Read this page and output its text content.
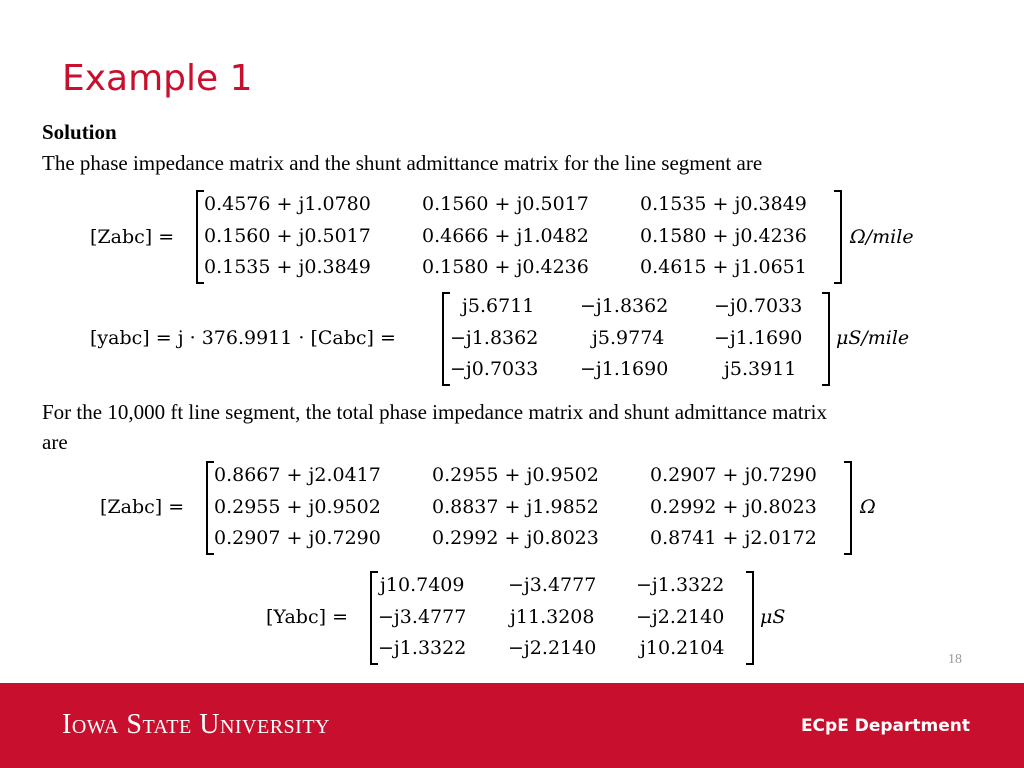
Example 1
Solution
The phase impedance matrix and the shunt admittance matrix for the line segment are
[Zabc] =
0.4576 + j1.0780	0.1560 + j0.5017	0.1535 + j0.3849
0.1560 + j0.5017	0.4666 + j1.0482	0.1580 + j0.4236
0.1535 + j0.3849	0.1580 + j0.4236	0.4615 + j1.0651
Ω/mile
[yabc] = j · 376.9911 · [Cabc] =
j5.6711 −j1.8362 −j0.7033
−j1.8362	j5.9774	−j1.1690
−j0.7033 −j1.1690	j5.3911
μS/mile
For the 10,000 ft line segment, the total phase impedance matrix and shunt admittance matrix
are
[Zabc] =
0.8667 + j2.0417	0.2955 + j0.9502	0.2907 + j0.7290
0.2955 + j0.9502	0.8837 + j1.9852	0.2992 + j0.8023
0.2907 + j0.7290	0.2992 + j0.8023	0.8741 + j2.0172
Ω
[Yabc] =
j10.7409 −j3.4777 −j1.3322
−j3.4777 j11.3208 −j2.2140
−j1.3322 −j2.2140 j10.2104
μS
18
Iowa State University	ECpE Department
